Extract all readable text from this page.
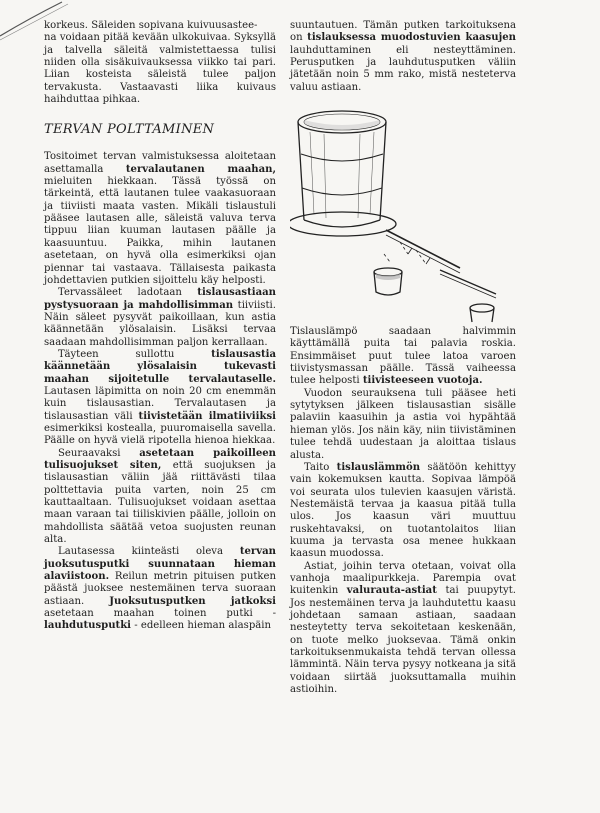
korkeus. Säleiden sopivana kuivuusastee-

na voidaan pitää kevään ulkokuivaa. Syksyllä ja talvella säleitä valmistettaessa tulisi niiden olla sisäkuivauksessa viikko tai pari. Liian kosteista säleistä tulee paljon tervakustа. Vastaavasti liika kuivaus haihduttaa pihkaa.

TERVAN POLTTAMINEN

Tositoimet tervan valmistuksessa aloitetaan asettamalla tervalautanen maahan, mieluiten hiekkaan. Tässä työssä on tärkeintä, että lautanen tulee vaakasuoraan ja tiiviisti maata vasten. Mikäli tislaustuli pääsee lautasen alle, säleistä valuva terva tippuu liian kuuman lautasen päälle ja kaasuuntuu. Paikka, mihin lautanen asetetaan, on hyvä olla esimerkiksi ojan piennar tai vastaava. Tällaisesta paikasta johdettavien putkien sijoittelu käy helposti.

Tervassäleet ladotaan tislausastiaan pystysuoraan ja mahdollisimman tiiviisti. Näin säleet pysyvät paikoillaan, kun astia käännetään ylösalaisin. Lisäksi tervaa saadaan mahdollisimman paljon kerrallaan.

Täyteen sullottu tislausastia käännetään ylösalaisin tukevasti maahan sijoitetulle tervalautaselle. Lautasen läpimitta on noin 20 cm enemmän kuin tislausastian. Tervalautasen ja tislausastian väli tiivistetään ilmatiiviiksi esimerkiksi kostealla, puuromaisella savella. Päälle on hyvä vielä ripotella hienoa hiekkaa.

Seuraavaksi asetetaan paikoilleen tulisuojukset siten, että suojuksen ja tislausastian väliin jää riittävästi tilaa polttettavia puita varten, noin 25 cm kauttaaltaan. Tulisuojukset voidaan asettaa maan varaan tai tiiliskivien päälle, jolloin on mahdollista säätää vetoa suojusten reunan alta.

Lautasessa kiinteästi oleva tervan juoksutusputki suunnataan hieman alaviistoon. Reilun metrin pituisen putken päästä juoksee nestemäinen terva suoraan astiaan. Juoksutusputken jatkoksi asetetaan maahan toinen putki - lauhdutusputki - edelleen hieman alaspäin

suuntautuen. Tämän putken tarkoituksena on tislauksessa muodostuvien kaasujen lauhduttaminen eli nesteyttäminen. Perusputken ja lauhdutusputken väliin jätetään noin 5 mm rako, mistä nesteterva valuu astiaan.

Tislauslämpö saadaan halvimmin käyttämällä puita tai palavia roskia. Ensimmäiset puut tulee latoa varoen tiivistysmassan päälle. Tässä vaiheessa tulee helposti tiivisteeseen vuotoja.

Vuodon seurauksena tuli pääsee heti sytytyksen jälkeen tislausastian sisälle palaviin kaasuihin ja astia voi hypähtää hieman ylös. Jos näin käy, niin tiivistäminen tulee tehdä uudestaan ja aloittaa tislaus alusta.

Taito tislauslämmön säätöön kehittyy vain kokemuksen kautta. Sopivaa lämpöä voi seurata ulos tulevien kaasujen väristä. Nestemäistä tervaa ja kaasua pitää tulla ulos. Jos kaasun väri muuttuu ruskehtavaksi, on tuotantolaitos liian kuuma ja tervasta osa menee hukkaan kaasun muodossa.

Astiat, joihin terva otetaan, voivat olla vanhoja maalipurkkeja. Parempia ovat kuitenkin valurauta-astiat tai puupytyt. Jos nestemäinen terva ja lauhdutettu kaasu johdetaan samaan astiaan, saadaan nesteytetty terva sekoitetaan keskenään, on tuote melko juoksevaa. Tämä onkin tarkoituksenmukaista tehdä tervan ollessa lämmintä. Näin terva pysyy notkeana ja sitä voidaan siirtää juoksuttamalla muihin astioihin.
